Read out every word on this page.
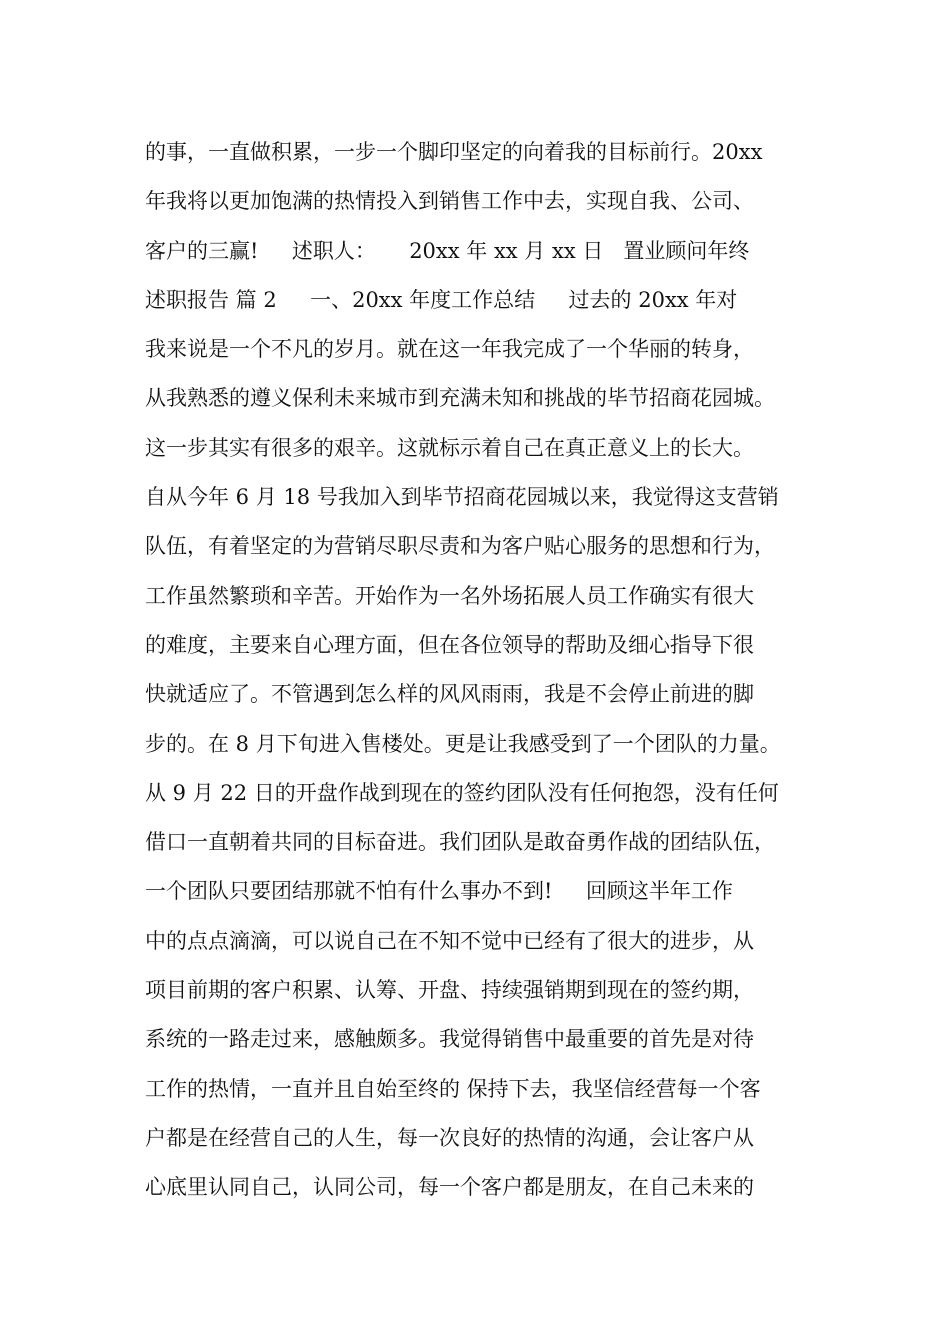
的事，一直做积累，一步一个脚印坚定的向着我的目标前行。20xx
年我将以更加饱满的热情投入到销售工作中去，实现自我、公司、
客户的三赢!     述职人：     20xx 年 xx 月 xx 日   置业顾问年终
述职报告 篇 2     一、20xx 年度工作总结     过去的 20xx 年对
我来说是一个不凡的岁月。就在这一年我完成了一个华丽的转身，
从我熟悉的遵义保利未来城市到充满未知和挑战的毕节招商花园城。
这一步其实有很多的艰辛。这就标示着自己在真正意义上的长大。
自从今年 6 月 18 号我加入到毕节招商花园城以来，我觉得这支营销
队伍，有着坚定的为营销尽职尽责和为客户贴心服务的思想和行为，
工作虽然繁琐和辛苦。开始作为一名外场拓展人员工作确实有很大
的难度，主要来自心理方面，但在各位领导的帮助及细心指导下很
快就适应了。不管遇到怎么样的风风雨雨，我是不会停止前进的脚
步的。在 8 月下旬进入售楼处。更是让我感受到了一个团队的力量。
从 9 月 22 日的开盘作战到现在的签约团队没有任何抱怨，没有任何
借口一直朝着共同的目标奋进。我们团队是敢奋勇作战的团结队伍，
一个团队只要团结那就不怕有什么事办不到!     回顾这半年工作
中的点点滴滴，可以说自己在不知不觉中已经有了很大的进步，从
项目前期的客户积累、认筹、开盘、持续强销期到现在的签约期，
系统的一路走过来，感触颇多。我觉得销售中最重要的首先是对待
工作的热情，一直并且自始至终的 保持下去，我坚信经营每一个客
户都是在经营自己的人生，每一次良好的热情的沟通，会让客户从
心底里认同自己，认同公司，每一个客户都是朋友，在自己未来的
